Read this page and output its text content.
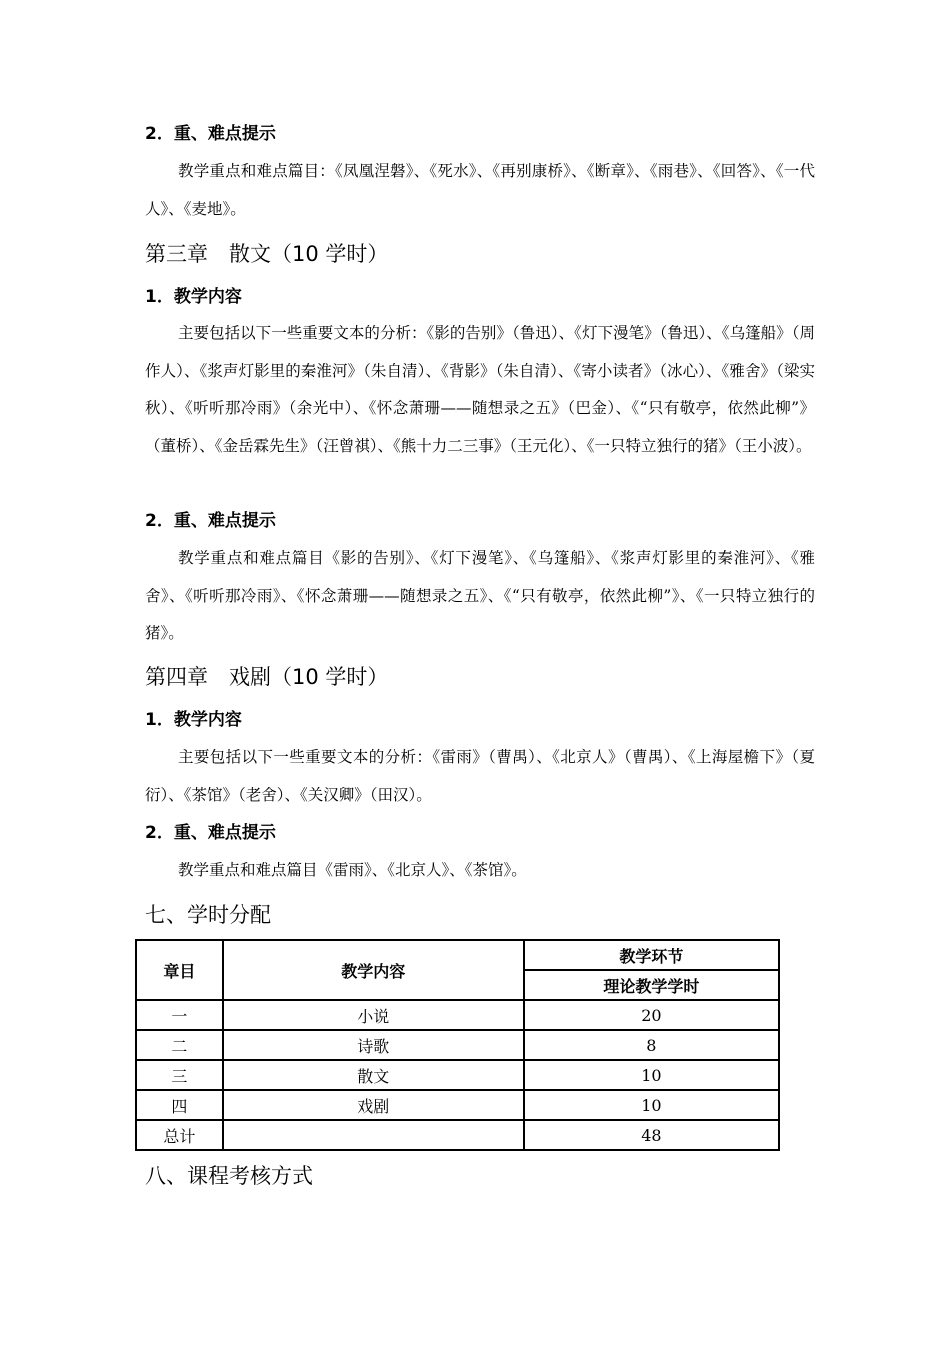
2．重、难点提示

教学重点和难点篇目：《凤凰涅磐》、《死水》、《再别康桥》、《断章》、《雨巷》、《回答》、《一代人》、《麦地》。

第三章　散文（10 学时）
1．教学内容

主要包括以下一些重要文本的分析：《影的告别》（鲁迅）、《灯下漫笔》（鲁迅）、《乌篷船》（周作人）、《浆声灯影里的秦淮河》（朱自清）、《背影》（朱自清）、《寄小读者》（冰心）、《雅舍》（梁实秋）、《听听那冷雨》（余光中）、《怀念萧珊——随想录之五》（巴金）、《“只有敬亭，依然此柳”》（董桥）、《金岳霖先生》（汪曾祺）、《熊十力二三事》（王元化）、《一只特立独行的猪》（王小波）。

2．重、难点提示

教学重点和难点篇目《影的告别》、《灯下漫笔》、《乌篷船》、《浆声灯影里的秦淮河》、《雅舍》、《听听那冷雨》、《怀念萧珊——随想录之五》、《“只有敬亭，依然此柳”》、《一只特立独行的猪》。

第四章　戏剧（10 学时）
1．教学内容

主要包括以下一些重要文本的分析：《雷雨》（曹禺）、《北京人》（曹禺）、《上海屋檐下》（夏衍）、《茶馆》（老舍）、《关汉卿》（田汉）。

2．重、难点提示

教学重点和难点篇目《雷雨》、《北京人》、《茶馆》。

七、学时分配
章目	教学内容	教学环节
		理论教学学时
一	小说	20
二	诗歌	8
三	散文	10
四	戏剧	10
总计		48
八、课程考核方式
